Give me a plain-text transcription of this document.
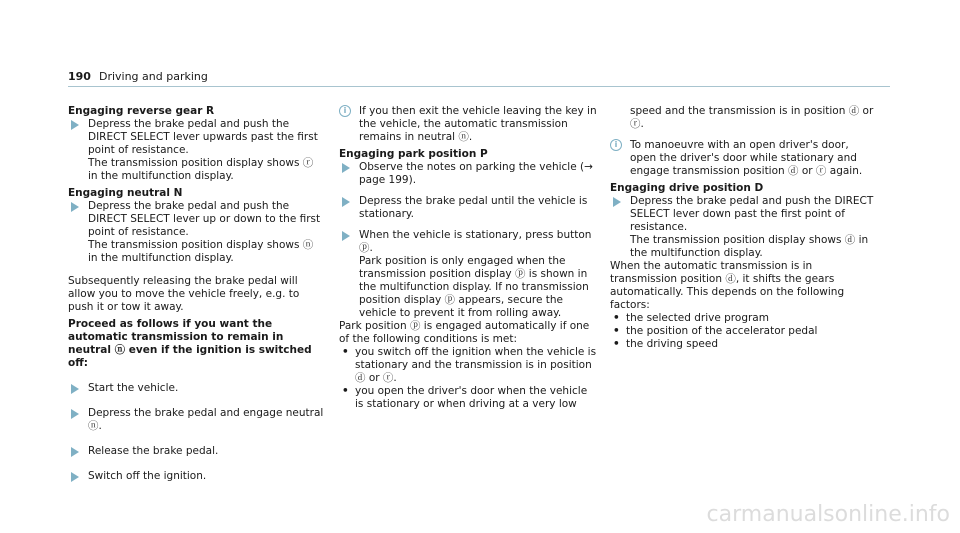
190 Driving and parking

Engaging reverse gear R

Depress the brake pedal and push the DIRECT SELECT lever upwards past the first point of resistance.
The transmission position display shows ⓡ in the multifunction display.

Engaging neutral N

Depress the brake pedal and push the DIRECT SELECT lever up or down to the first point of resistance.
The transmission position display shows ⓝ in the multifunction display.

Subsequently releasing the brake pedal will allow you to move the vehicle freely, e.g. to push it or tow it away.

Proceed as follows if you want the automatic transmission to remain in neutral ⓝ even if the ignition is switched off:

Start the vehicle.
Depress the brake pedal and engage neutral ⓝ.
Release the brake pedal.
Switch off the ignition.
i	If you then exit the vehicle leaving the key in the vehicle, the automatic transmission remains in neutral ⓝ.

Engaging park position P

Observe the notes on parking the vehicle (→ page 199).
Depress the brake pedal until the vehicle is stationary.
When the vehicle is stationary, press button ⓟ.
Park position is only engaged when the transmission position display ⓟ is shown in the multifunction display. If no transmission position display ⓟ appears, secure the vehicle to prevent it from rolling away.

Park position ⓟ is engaged automatically if one of the following conditions is met:

• you switch off the ignition when the vehicle is stationary and the transmission is in position ⓓ or ⓡ.
• you open the driver's door when the vehicle is stationary or when driving at a very low

speed and the transmission is in position ⓓ or ⓡ.

i	To manoeuvre with an open driver's door, open the driver's door while stationary and engage transmission position ⓓ or ⓡ again.

Engaging drive position D

Depress the brake pedal and push the DIRECT SELECT lever down past the first point of resistance.
The transmission position display shows ⓓ in the multifunction display.

When the automatic transmission is in transmission position ⓓ, it shifts the gears automatically. This depends on the following factors:

• the selected drive program
• the position of the accelerator pedal
• the driving speed
carmanualsonline.info
